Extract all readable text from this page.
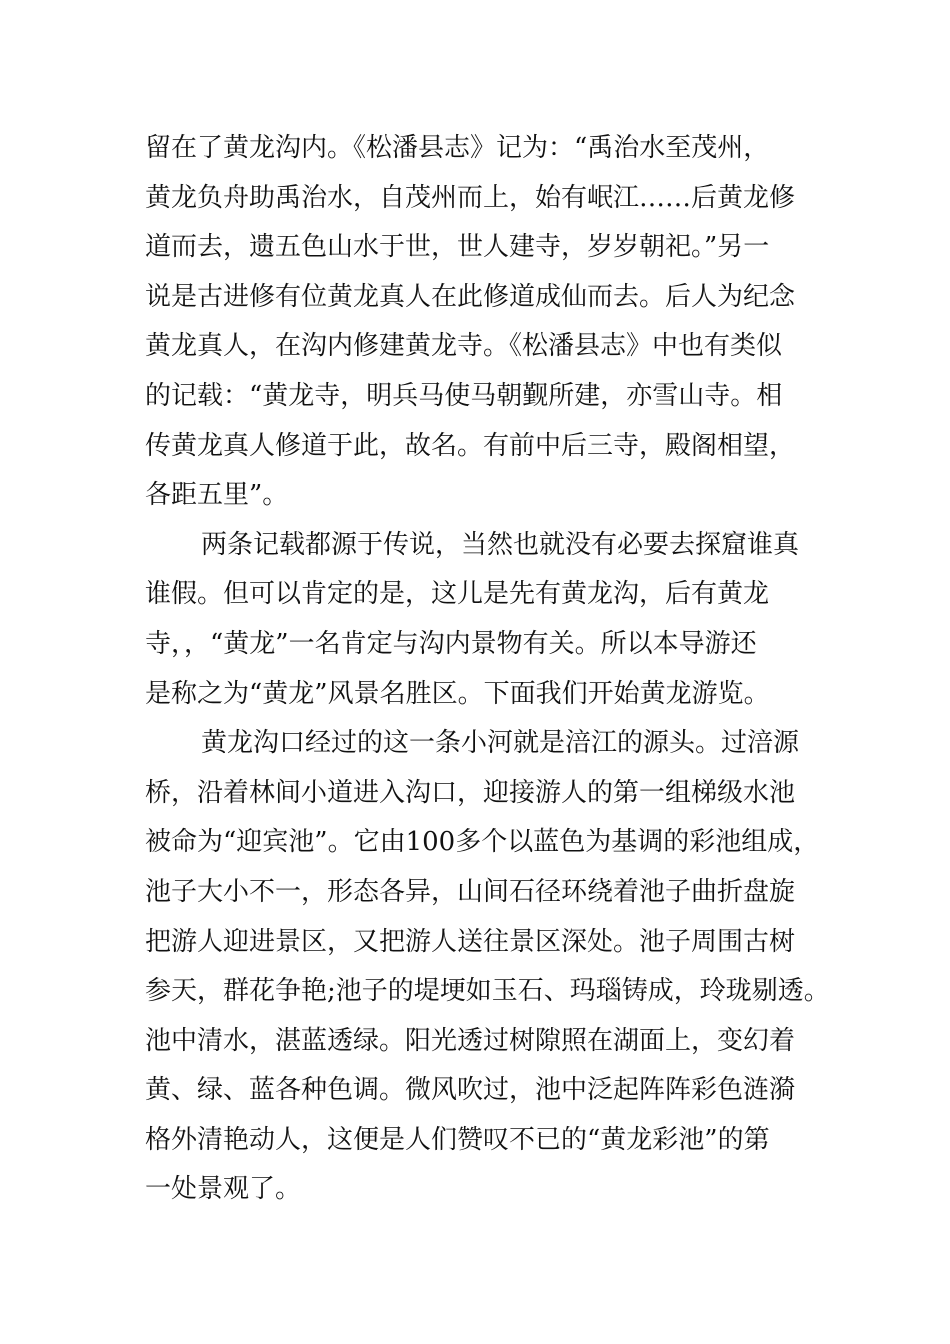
留在了黄龙沟内。《松潘县志》记为：“禹治水至茂州，
黄龙负舟助禹治水，自茂州而上，始有岷江……后黄龙修
道而去，遗五色山水于世，世人建寺，岁岁朝祀。”另一
说是古进修有位黄龙真人在此修道成仙而去。后人为纪念
黄龙真人，在沟内修建黄龙寺。《松潘县志》中也有类似
的记载：“黄龙寺，明兵马使马朝觐所建，亦雪山寺。相
传黄龙真人修道于此，故名。有前中后三寺，殿阁相望，
各距五里”。
两条记载都源于传说，当然也就没有必要去探窟谁真
谁假。但可以肯定的是，这儿是先有黄龙沟，后有黄龙
寺，，“黄龙”一名肯定与沟内景物有关。所以本导游还
是称之为“黄龙”风景名胜区。下面我们开始黄龙游览。
黄龙沟口经过的这一条小河就是涪江的源头。过涪源
桥，沿着林间小道进入沟口，迎接游人的第一组梯级水池
被命为“迎宾池”。它由100多个以蓝色为基调的彩池组成，
池子大小不一，形态各异，山间石径环绕着池子曲折盘旋
把游人迎进景区，又把游人送往景区深处。池子周围古树
参天，群花争艳;池子的堤埂如玉石、玛瑙铸成，玲珑剔透。
池中清水，湛蓝透绿。阳光透过树隙照在湖面上，变幻着
黄、绿、蓝各种色调。微风吹过，池中泛起阵阵彩色涟漪
格外清艳动人，这便是人们赞叹不已的“黄龙彩池”的第
一处景观了。
